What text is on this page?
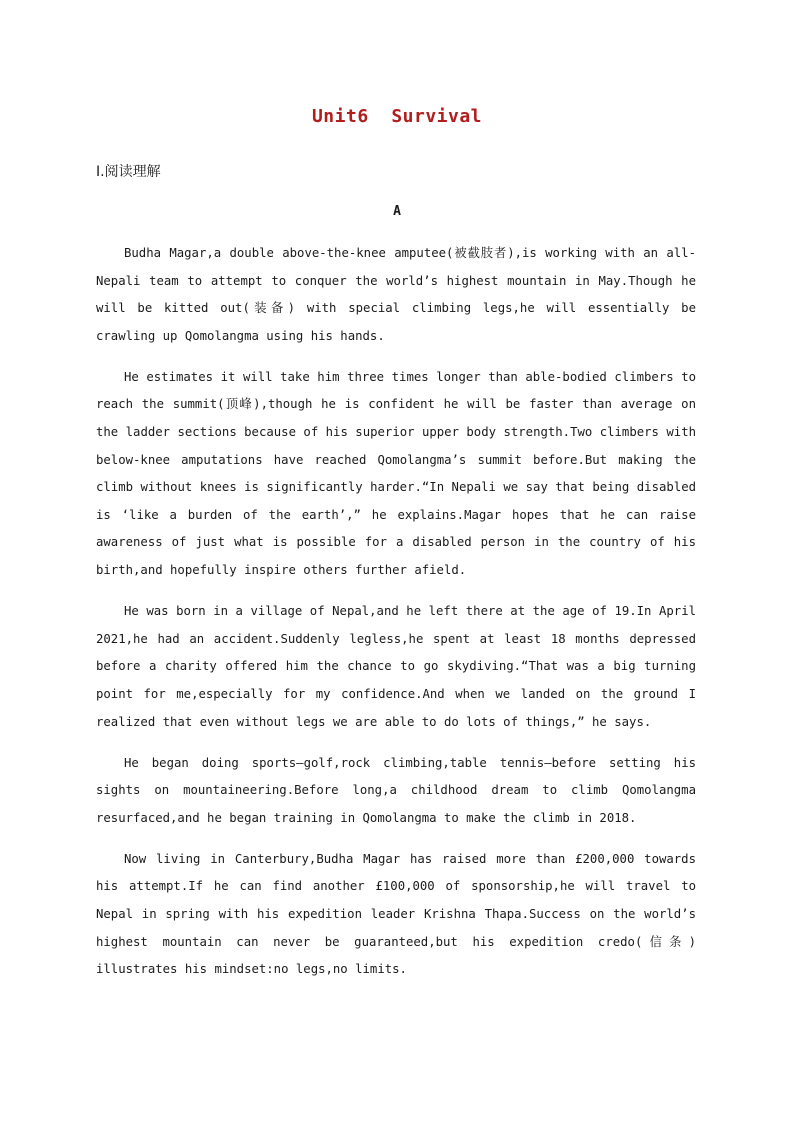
Unit6  Survival
Ⅰ.阅读理解
A

Budha Magar,a double above-the-knee amputee(被截肢者),is working with an all-Nepali team to attempt to conquer the world’s highest mountain in May.Though he will be kitted out(装备) with special climbing legs,he will essentially be crawling up Qomolangma using his hands.

He estimates it will take him three times longer than able-bodied climbers to reach the summit(顶峰),though he is confident he will be faster than average on the ladder sections because of his superior upper body strength.Two climbers with below-knee amputations have reached Qomolangma’s summit before.But making the climb without knees is significantly harder.“In Nepali we say that being disabled is ‘like a burden of the earth’,” he explains.Magar hopes that he can raise awareness of just what is possible for a disabled person in the country of his birth,and hopefully inspire others further afield.

He was born in a village of Nepal,and he left there at the age of 19.In April 2021,he had an accident.Suddenly legless,he spent at least 18 months depressed before a charity offered him the chance to go skydiving.“That was a big turning point for me,especially for my confidence.And when we landed on the ground I realized that even without legs we are able to do lots of things,” he says.

He began doing sports—golf,rock climbing,table tennis—before setting his sights on mountaineering.Before long,a childhood dream to climb Qomolangma resurfaced,and he began training in Qomolangma to make the climb in 2018.

Now living in Canterbury,Budha Magar has raised more than £200,000 towards his attempt.If he can find another £100,000 of sponsorship,he will travel to Nepal in spring with his expedition leader Krishna Thapa.Success on the world’s highest mountain can never be guaranteed,but his expedition credo(信条) illustrates his mindset:no legs,no limits.
